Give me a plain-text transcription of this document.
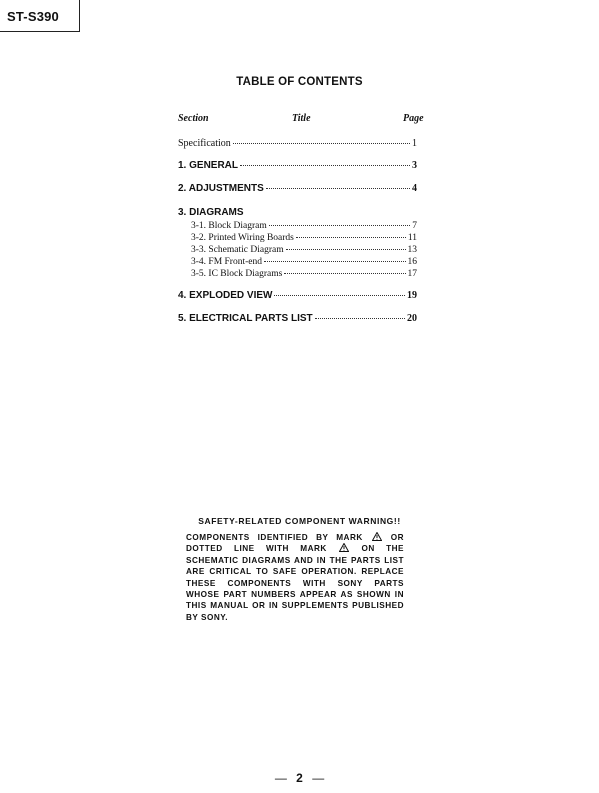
ST-S390
TABLE OF CONTENTS
Section	Title	Page
Specification	1
1. GENERAL	3
2. ADJUSTMENTS	4
3. DIAGRAMS
3-1. Block Diagram	7
3-2. Printed Wiring Boards	11
3-3. Schematic Diagram	13
3-4. FM Front-end	16
3-5. IC Block Diagrams	17
4. EXPLODED VIEW	19
5. ELECTRICAL PARTS LIST	20
SAFETY-RELATED COMPONENT WARNING!!
COMPONENTS IDENTIFIED BY MARK	OR DOTTED LINE WITH MARK	ON THE SCHEMATIC DIAGRAMS AND IN THE PARTS LIST ARE CRITICAL TO SAFE OPERATION. REPLACE THESE COMPONENTS WITH SONY PARTS WHOSE PART NUMBERS APPEAR AS SHOWN IN THIS MANUAL OR IN SUPPLEMENTS PUBLISHED BY SONY.
— 2 —
